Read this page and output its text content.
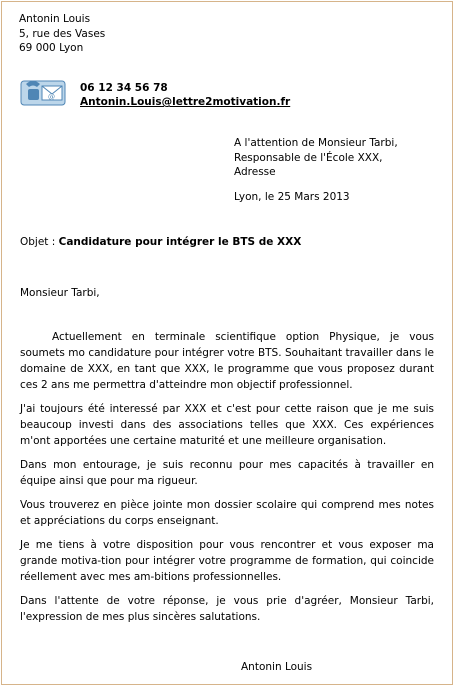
Antonin Louis
5, rue des Vases
69 000 Lyon
@
06 12 34 56 78
Antonin.Louis@lettre2motivation.fr
A l'attention de Monsieur Tarbi,
Responsable de l'École XXX,
Adresse
Lyon, le 25 Mars 2013
Objet : Candidature pour intégrer le BTS de XXX
Monsieur Tarbi,

Actuellement en terminale scientifique option Physique, je vous soumets mo candidature pour intégrer votre BTS. Souhaitant travailler dans le domaine de XXX, en tant que XXX, le programme que vous proposez durant ces 2 ans me permettra d'atteindre mon objectif professionnel.

J'ai toujours été interessé par XXX et c'est pour cette raison que je me suis beaucoup investi dans des associations telles que XXX. Ces expériences m'ont apportées une certaine maturité et une meilleure organisation.

Dans mon entourage, je suis reconnu pour mes capacités à travailler en équipe ainsi que pour ma rigueur.

Vous trouverez en pièce jointe mon dossier scolaire qui comprend mes notes et appréciations du corps enseignant.

Je me tiens à votre disposition pour vous rencontrer et vous exposer ma grande motiva-tion pour intégrer votre programme de formation, qui coincide réellement avec mes am-bitions professionnelles.

Dans l'attente de votre réponse, je vous prie d'agréer, Monsieur Tarbi, l'expression de mes plus sincères salutations.

Antonin Louis
